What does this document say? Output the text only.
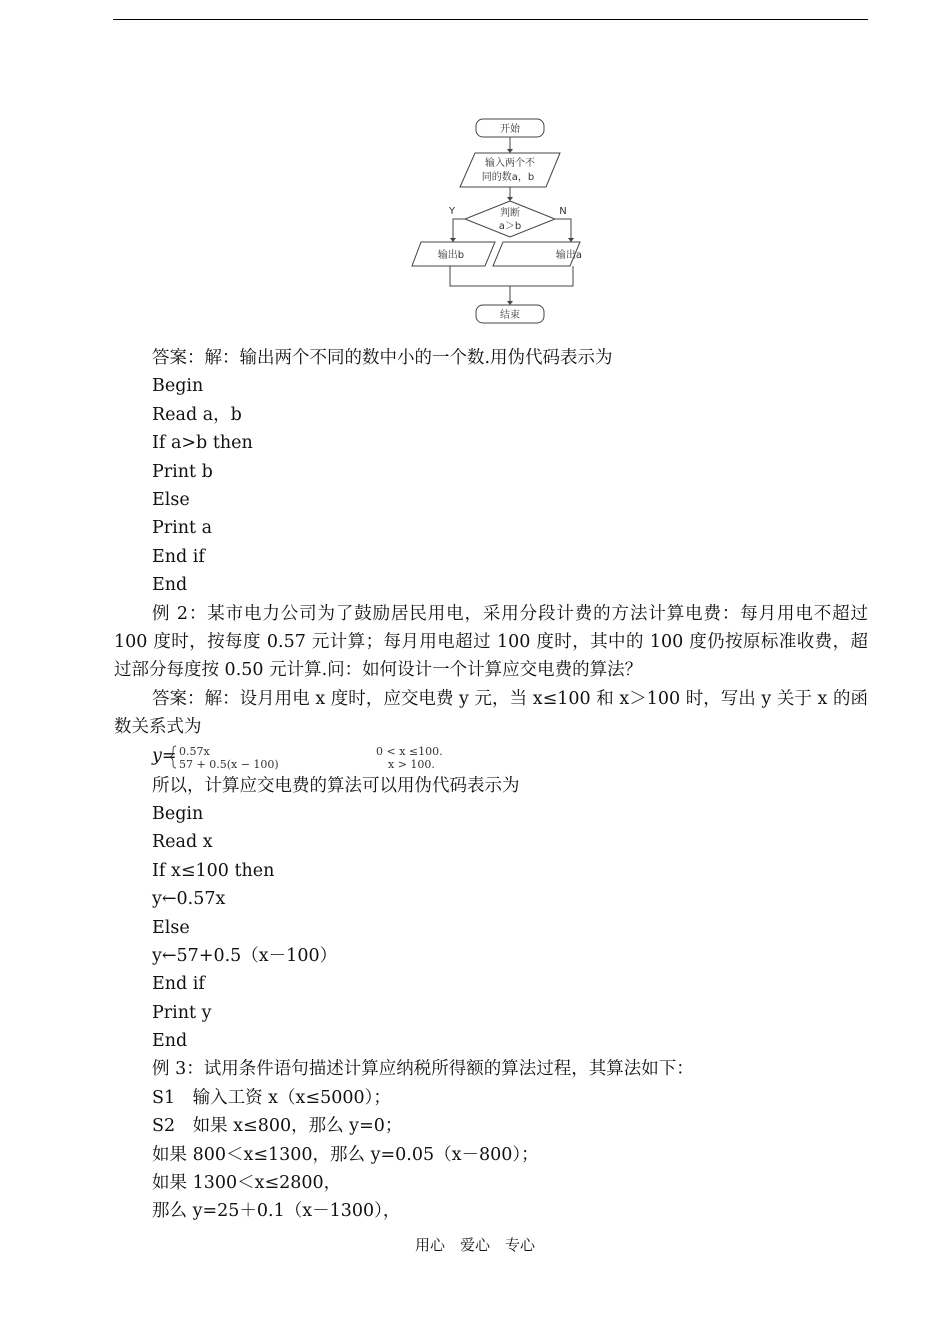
开始
输入两个不
同的数a，b
判断
a＞b
Y	N
输出b	输出a
结束
答案：解：输出两个不同的数中小的一个数.用伪代码表示为
Begin
Read a，b
If a>b then
Print b
Else
Print a
End if
End
例 2：某市电力公司为了鼓励居民用电，采用分段计费的方法计算电费：每月用电不超过 100 度时，按每度 0.57 元计算；每月用电超过 100 度时，其中的 100 度仍按原标准收费，超过部分每度按 0.50 元计算.问：如何设计一个计算应交电费的算法？
答案：解：设月用电 x 度时，应交电费 y 元，当 x≤100 和 x＞100 时，写出 y 关于 x 的函数关系式为
y= 0.57x	0 < x ≤100.
57 + 0.5(x − 100)	x > 100.
所以，计算应交电费的算法可以用伪代码表示为
Begin
Read x
If x≤100 then
y←0.57x
Else
y←57+0.5（x－100）
End if
Print y
End
例 3：试用条件语句描述计算应纳税所得额的算法过程，其算法如下：
S1　输入工资 x（x≤5000）；
S2　如果 x≤800，那么 y=0；
如果 800＜x≤1300，那么 y=0.05（x－800）；
如果 1300＜x≤2800，
那么 y=25＋0.1（x－1300），
用心　爱心　专心
